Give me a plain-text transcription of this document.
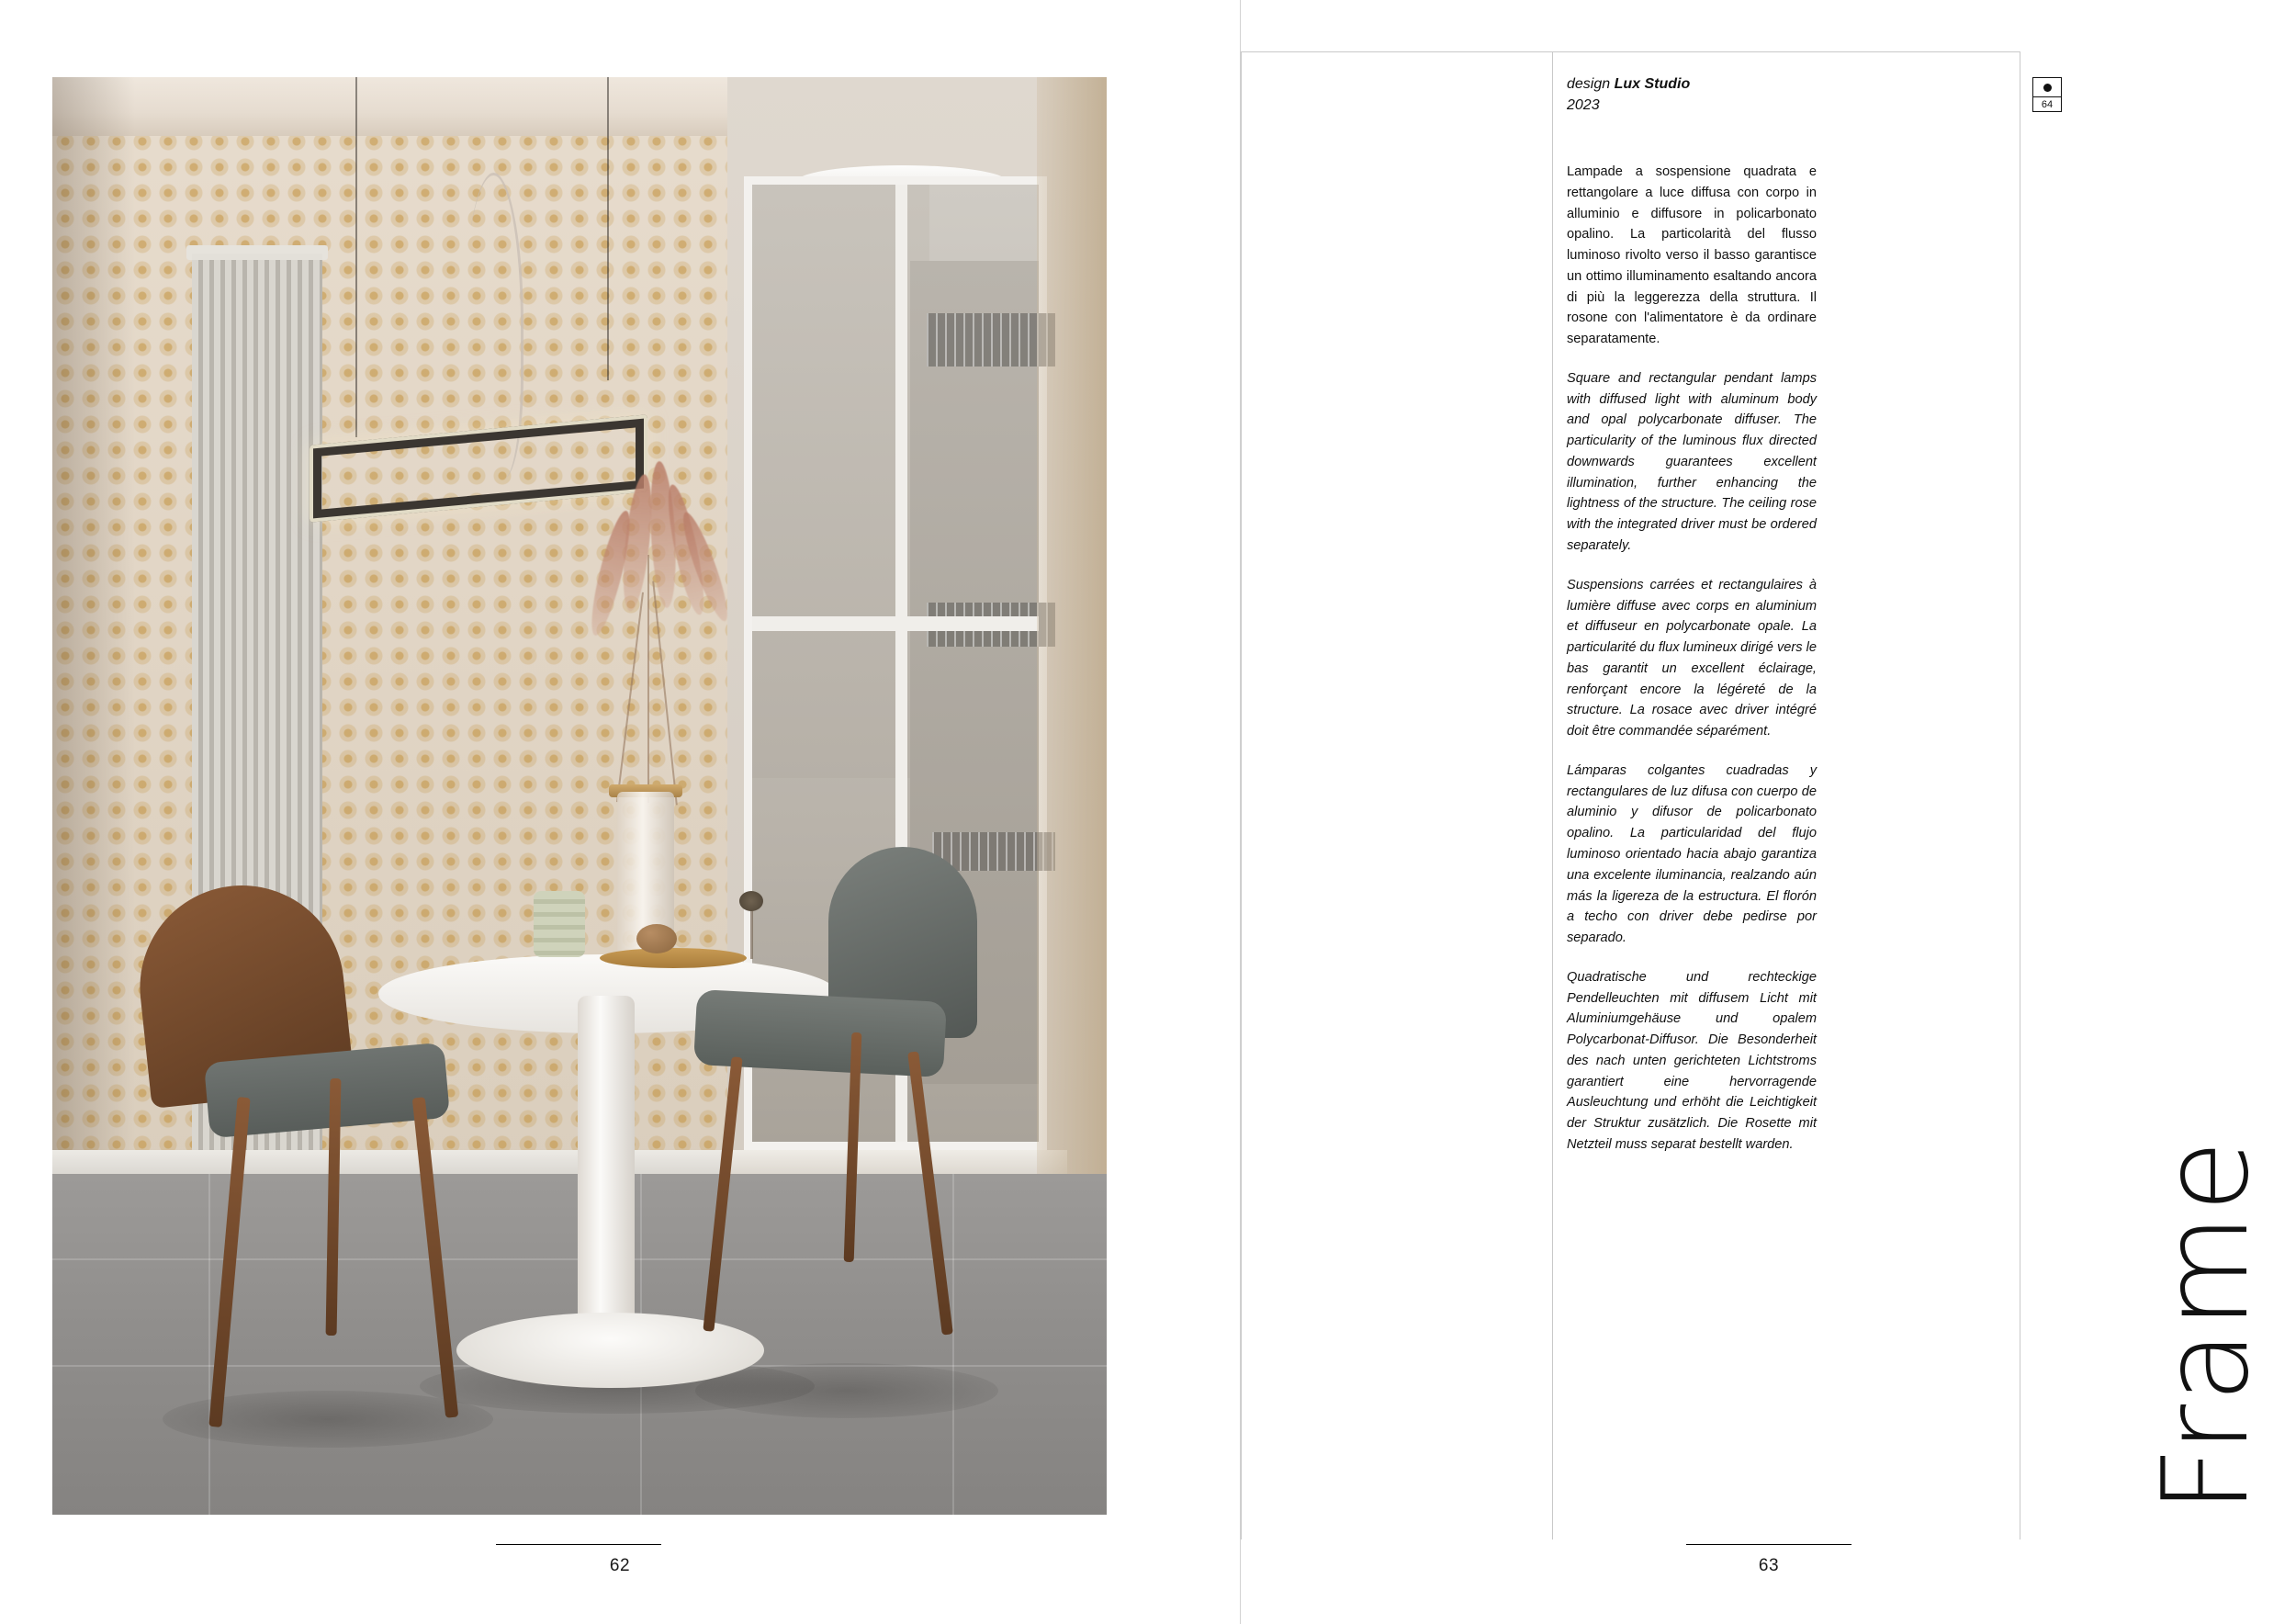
62
design Lux Studio
2023	64

Lampade a sospensione quadrata e rettangolare a luce diffusa con corpo in alluminio e diffusore in policarbonato opalino. La particolarità del flusso luminoso rivolto verso il basso garantisce un ottimo illuminamento esaltando ancora di più la leggerezza della struttura. Il rosone con l'alimentatore è da ordinare separatamente.

Square and rectangular pendant lamps with diffused light with aluminum body and opal polycarbonate diffuser. The particularity of the luminous flux directed downwards guarantees excellent illumination, further enhancing the lightness of the structure. The ceiling rose with the integrated driver must be ordered separately.

Suspensions carrées et rectangulaires à lumière diffuse avec corps en aluminium et diffuseur en polycarbonate opale. La particularité du flux lumineux dirigé vers le bas garantit un excellent éclairage, renforçant encore la légéreté de la structure. La rosace avec driver intégré doit être commandée séparément.

Lámparas colgantes cuadradas y rectangulares de luz difusa con cuerpo de aluminio y difusor de policarbonato opalino. La particularidad del flujo luminoso orientado hacia abajo garantiza una excelente iluminancia, realzando aún más la ligereza de la estructura. El florón a techo con driver debe pedirse por separado.

Quadratische und rechteckige Pendelleuchten mit diffusem Licht mit Aluminiumgehäuse und opalem Polycarbonat-Diffusor. Die Besonderheit des nach unten gerichteten Lichtstroms garantiert eine hervorragende Ausleuchtung und erhöht die Leichtigkeit der Struktur zusätzlich. Die Rosette mit Netzteil muss separat bestellt warden.	Frame
63
